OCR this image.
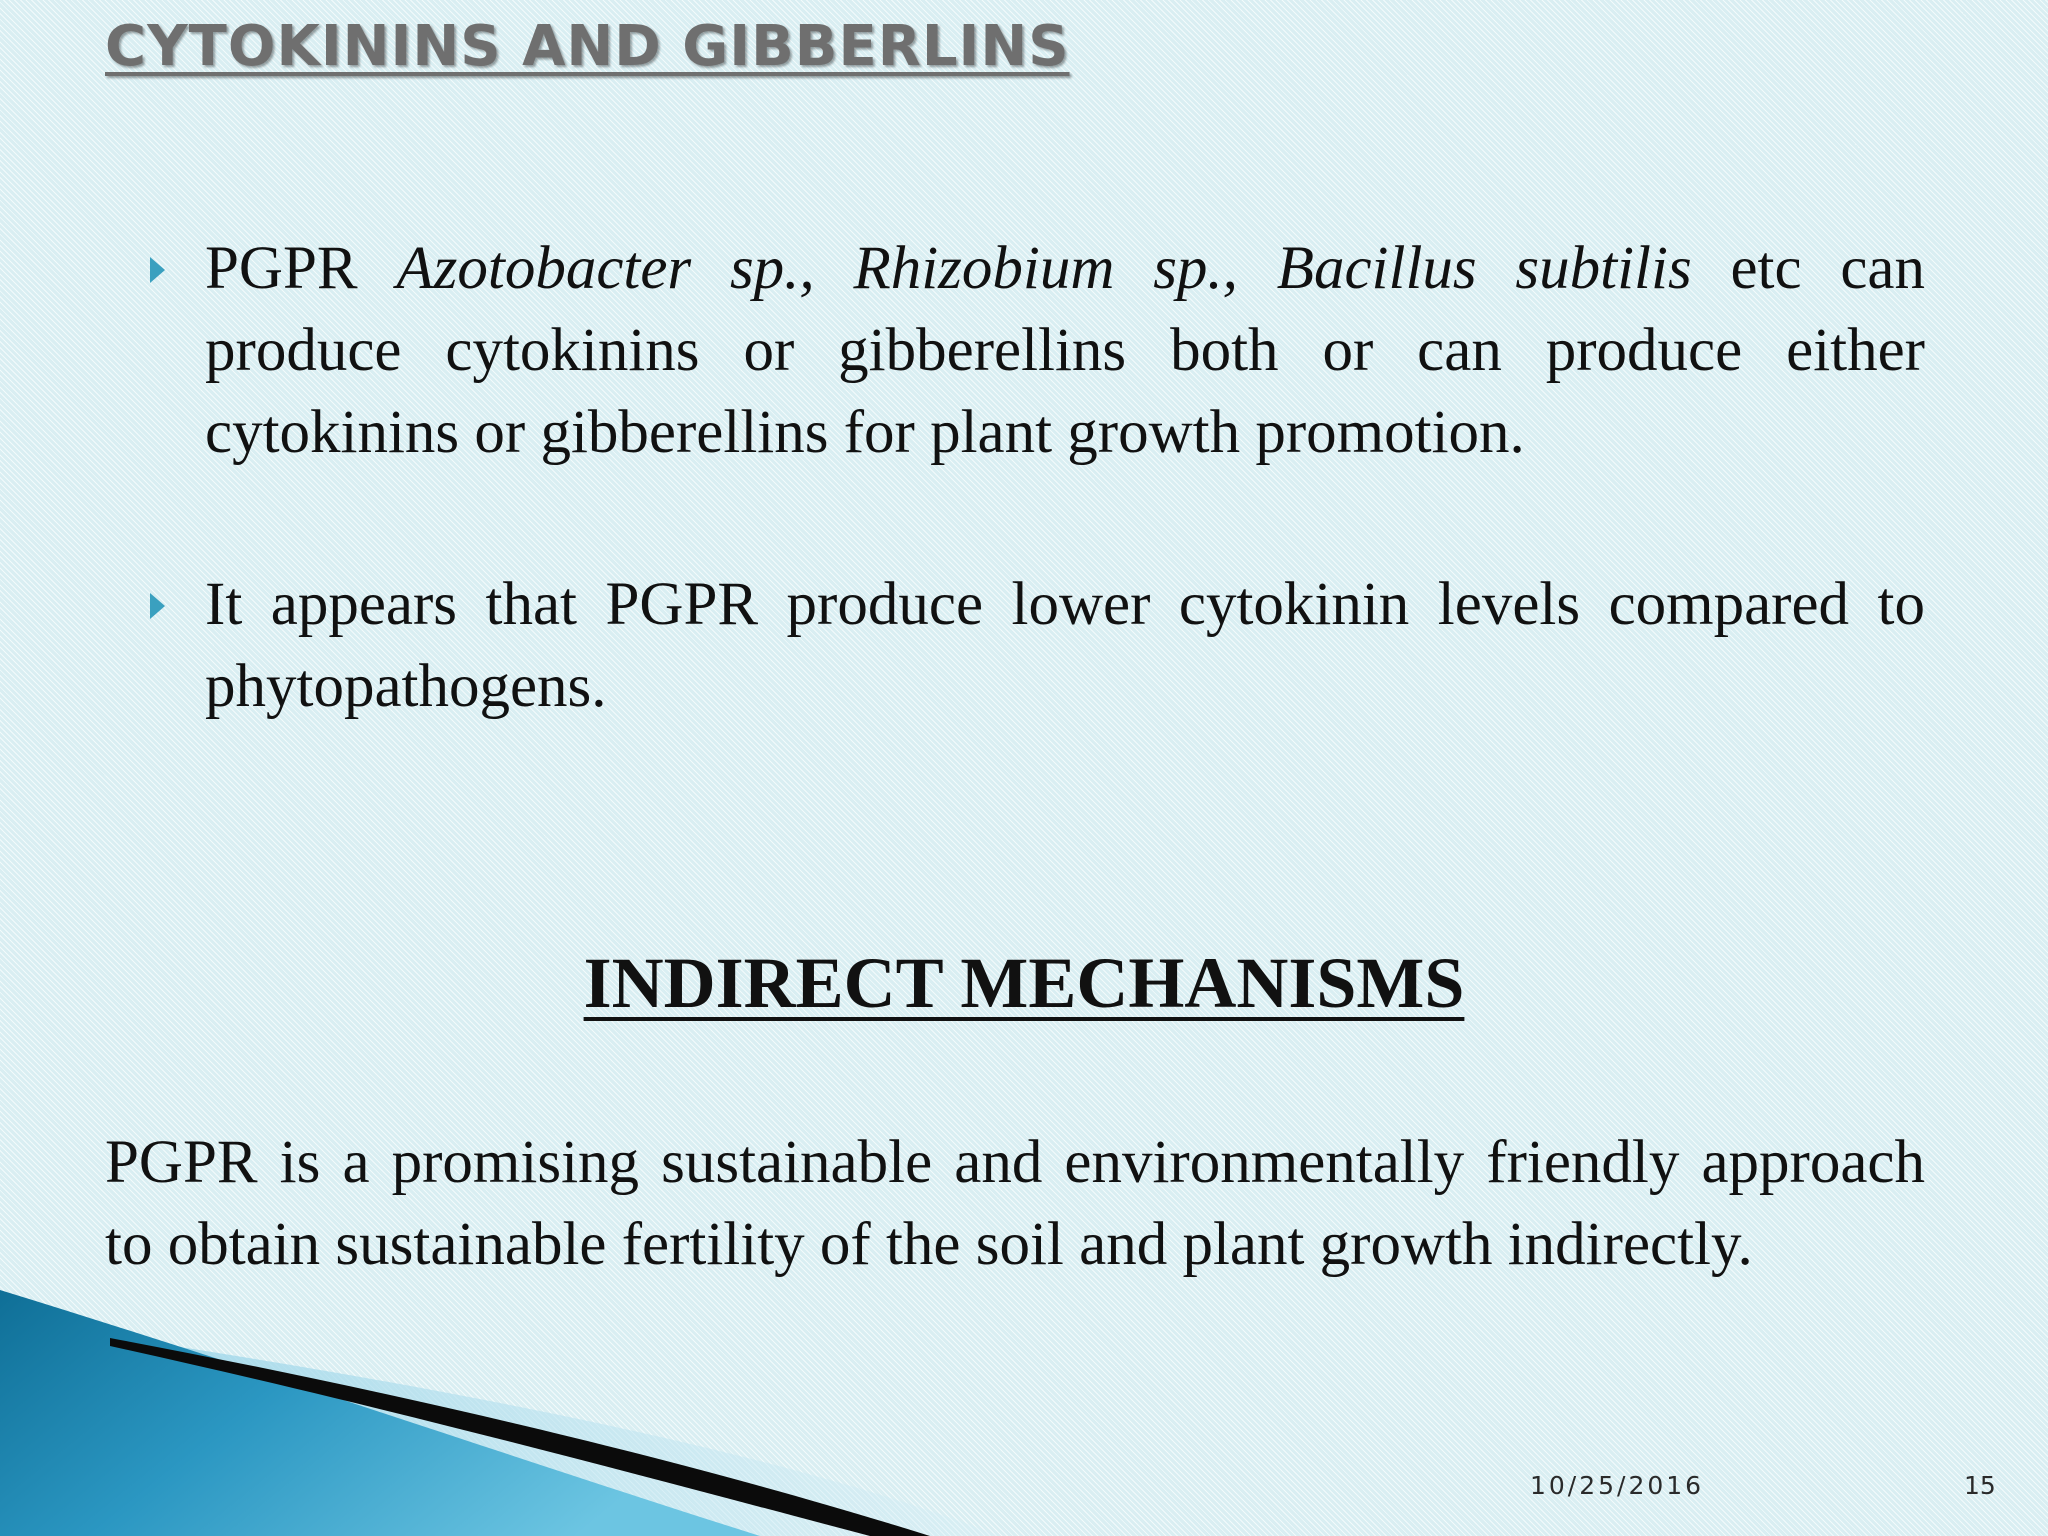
CYTOKININS AND GIBBERLINS
PGPR Azotobacter sp., Rhizobium sp., Bacillus subtilis etc can produce cytokinins or gibberellins both or can produce either cytokinins or gibberellins for plant growth promotion.
It appears that PGPR produce lower cytokinin levels compared to phytopathogens.
INDIRECT MECHANISMS

PGPR is a promising sustainable and environmentally friendly approach to obtain sustainable fertility of the soil and plant growth indirectly.

10/25/2016	15
